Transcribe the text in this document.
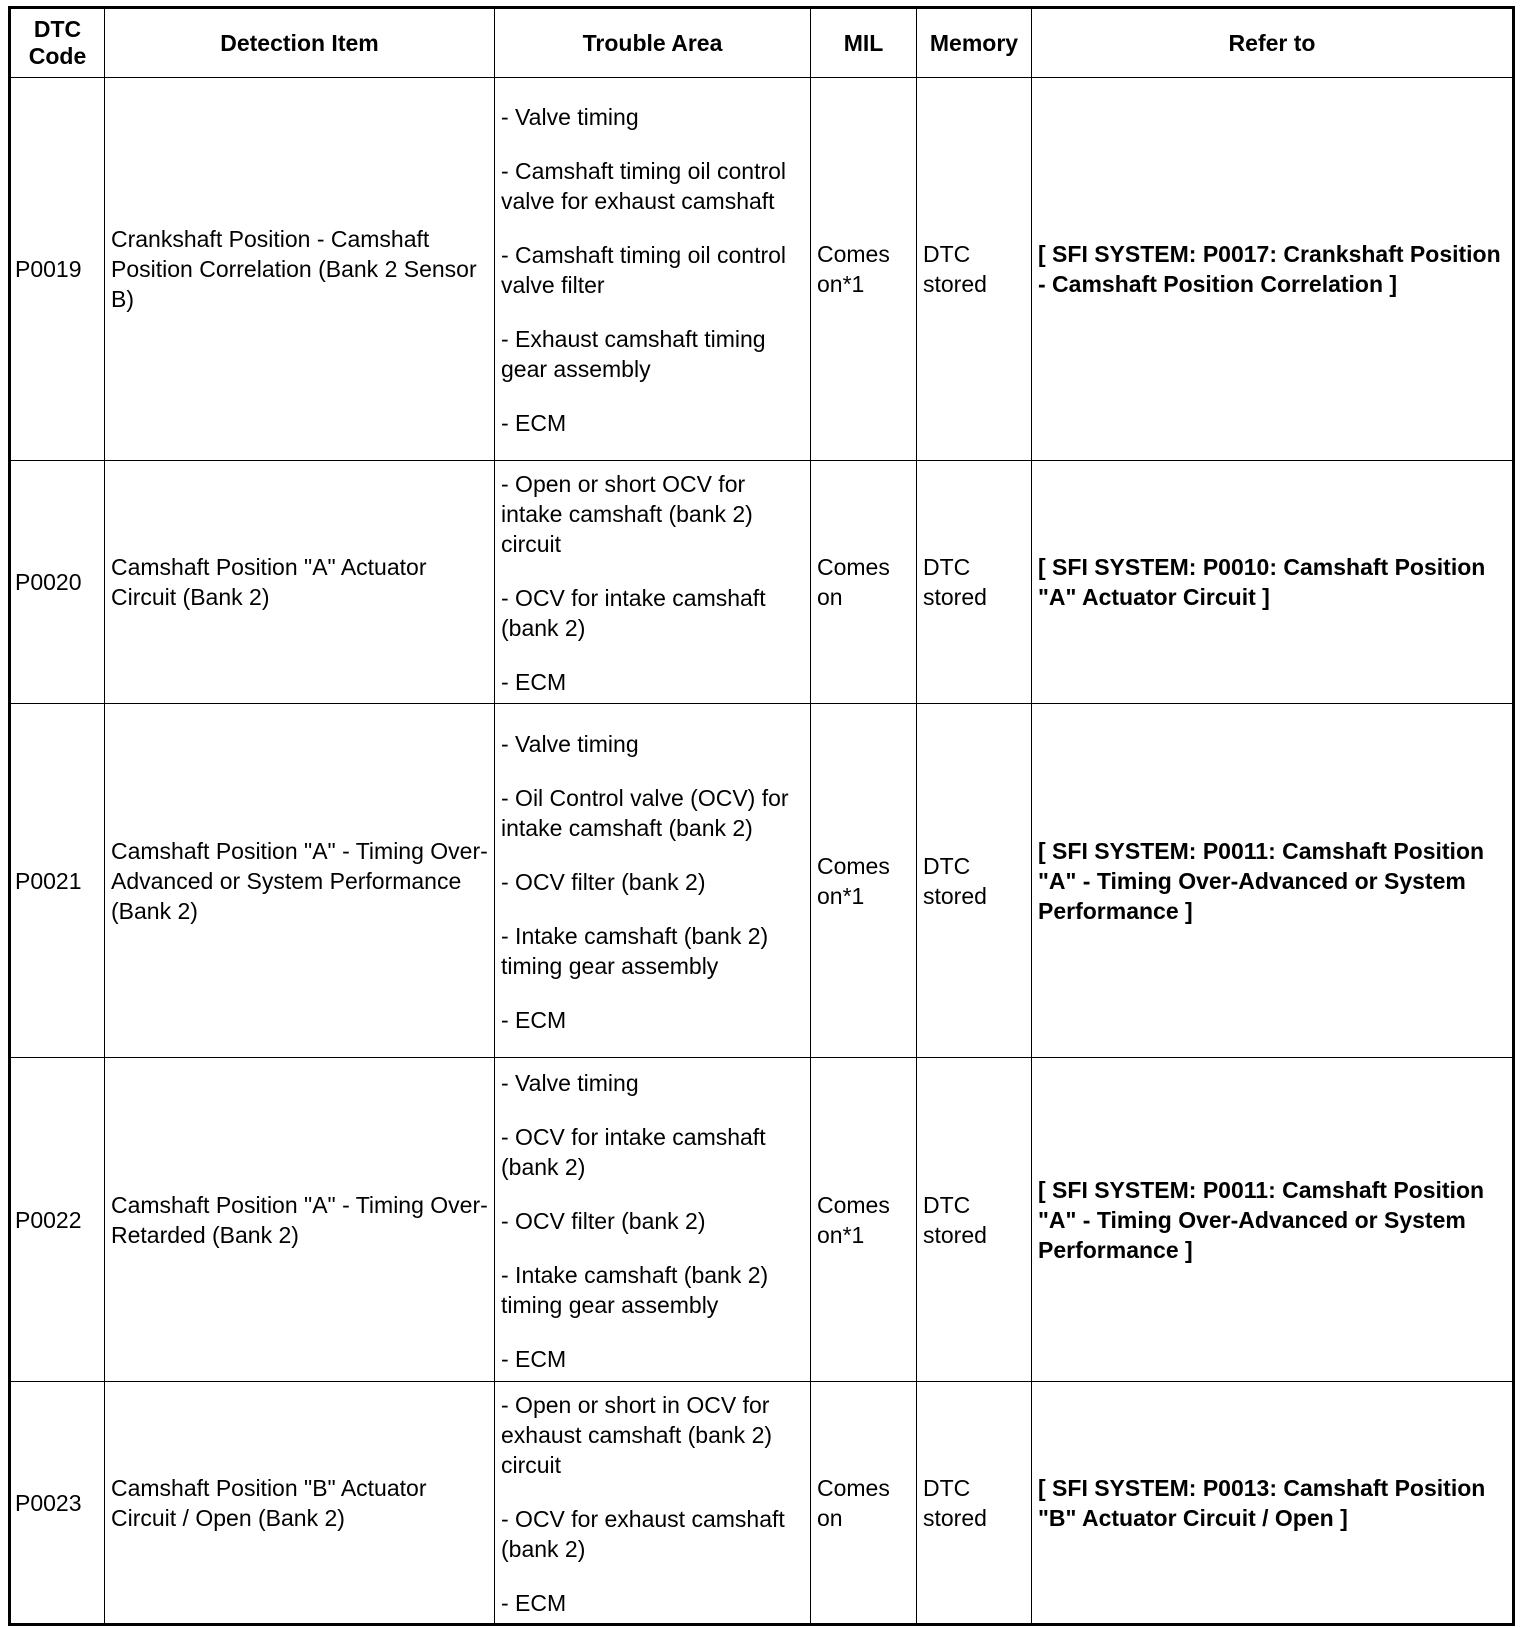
DTC Code	Detection Item	Trouble Area	MIL	Memory	Refer to
P0019	Crankshaft Position - Camshaft Position Correlation (Bank 2 Sensor B)	- Valve timing
- Camshaft timing oil control valve for exhaust camshaft
- Camshaft timing oil control valve filter
- Exhaust camshaft timing gear assembly
- ECM	Comes on*1	DTC stored	[ SFI SYSTEM: P0017: Crankshaft Position - Camshaft Position Correlation ]
P0020	Camshaft Position "A" Actuator Circuit (Bank 2)	- Open or short OCV for intake camshaft (bank 2) circuit
- OCV for intake camshaft (bank 2)
- ECM	Comes on	DTC stored	[ SFI SYSTEM: P0010: Camshaft Position "A" Actuator Circuit ]
P0021	Camshaft Position "A" - Timing Over-Advanced or System Performance (Bank 2)	- Valve timing
- Oil Control valve (OCV) for intake camshaft (bank 2)
- OCV filter (bank 2)
- Intake camshaft (bank 2) timing gear assembly
- ECM	Comes on*1	DTC stored	[ SFI SYSTEM: P0011: Camshaft Position "A" - Timing Over-Advanced or System Performance ]
P0022	Camshaft Position "A" - Timing Over-Retarded (Bank 2)	- Valve timing
- OCV for intake camshaft (bank 2)
- OCV filter (bank 2)
- Intake camshaft (bank 2) timing gear assembly
- ECM	Comes on*1	DTC stored	[ SFI SYSTEM: P0011: Camshaft Position "A" - Timing Over-Advanced or System Performance ]
P0023	Camshaft Position "B" Actuator Circuit / Open (Bank 2)	- Open or short in OCV for exhaust camshaft (bank 2) circuit
- OCV for exhaust camshaft (bank 2)
- ECM	Comes on	DTC stored	[ SFI SYSTEM: P0013: Camshaft Position "B" Actuator Circuit / Open ]
